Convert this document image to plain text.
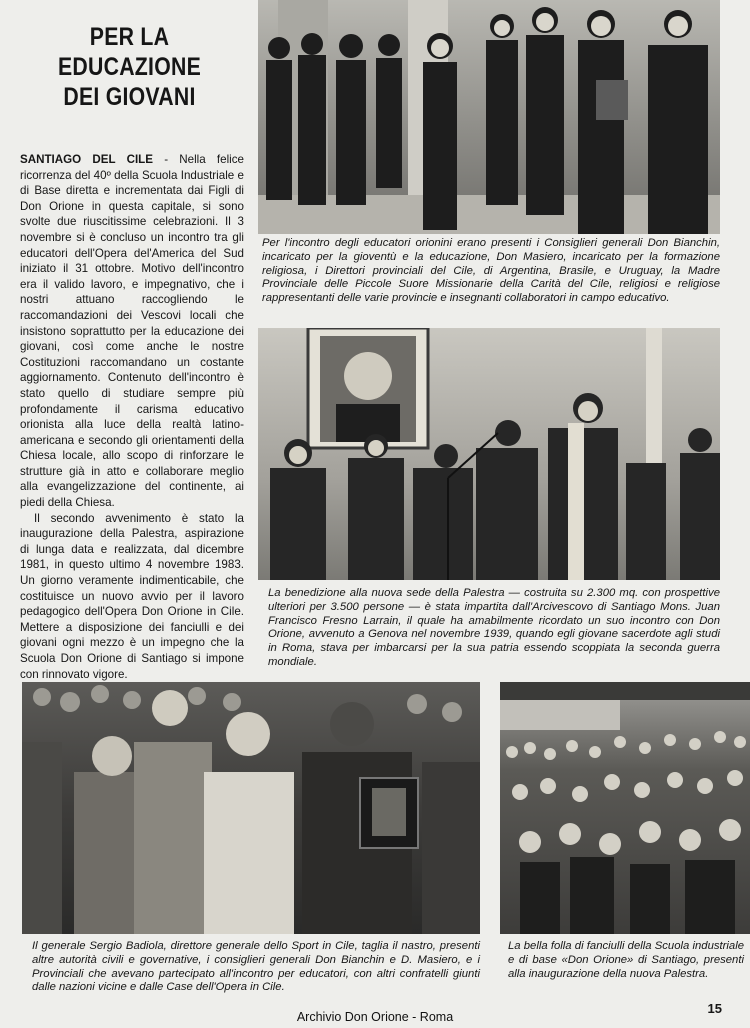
PER LA
EDUCAZIONE
DEI GIOVANI

SANTIAGO DEL CILE - Nella felice ricorrenza del 40º della Scuola Industriale e di Base diretta e incrementata dai Figli di Don Orione in questa capitale, si sono svolte due riuscitissime celebrazioni. Il 3 novembre si è concluso un incontro tra gli educatori dell'Opera del'America del Sud iniziato il 31 ottobre. Motivo dell'incontro era il valido lavoro, e impegnativo, che i nostri attuano raccogliendo le raccomandazioni dei Vescovi locali che insistono soprattutto per la educazione dei giovani, così come anche le nostre Costituzioni raccomandano un costante aggiornamento. Contenuto dell'incontro è stato quello di studiare sempre più profondamente il carisma educativo orionista alla luce della realtà latino-americana e secondo gli orientamenti della Chiesa locale, allo scopo di rinforzare le strutture già in atto e collaborare meglio alla evangelizzazione del continente, ai piedi della Chiesa.

Il secondo avvenimento è stato la inaugurazione della Palestra, aspirazione di lunga data e realizzata, dal dicembre 1981, in questo ultimo 4 novembre 1983. Un giorno veramente indimenticabile, che costituisce un nuovo avvio per il lavoro pedagogico dell'Opera Don Orione in Cile. Mettere a disposizione dei fanciulli e dei giovani ogni mezzo è un impegno che la Scuola Don Orione di Santiago si impone con rinnovato vigore.

Per l'incontro degli educatori orionini erano presenti i Consiglieri generali Don Bianchin, incaricato per la gioventù e la educazione, Don Masiero, incaricato per la formazione religiosa, i Direttori provinciali del Cile, di Argentina, Brasile, e Uruguay, la Madre Provinciale delle Piccole Suore Missionarie della Carità del Cile, religiosi e religiose rappresentanti delle varie provincie e insegnanti collaboratori in campo educativo.
La benedizione alla nuova sede della Palestra — costruita su 2.300 mq. con prospettive ulteriori per 3.500 persone — è stata impartita dall'Arcivescovo di Santiago Mons. Juan Francisco Fresno Larrain, il quale ha amabilmente ricordato un suo incontro con Don Orione, avvenuto a Genova nel novembre 1939, quando egli giovane sacerdote agli studi in Roma, stava per imbarcarsi per la sua patria essendo scoppiata la seconda guerra mondiale.
Il generale Sergio Badiola, direttore generale dello Sport in Cile, taglia il nastro, presenti altre autorità civili e governative, i consiglieri generali Don Bianchin e D. Masiero, e i Provinciali che avevano partecipato all'incontro per educatori, con altri confratelli giunti dalle nazioni vicine e dalle Case dell'Opera in Cile.
La bella folla di fanciulli della Scuola industriale e di base «Don Orione» di Santiago, presenti alla inaugurazione della nuova Palestra.
15
Archivio Don Orione - Roma
